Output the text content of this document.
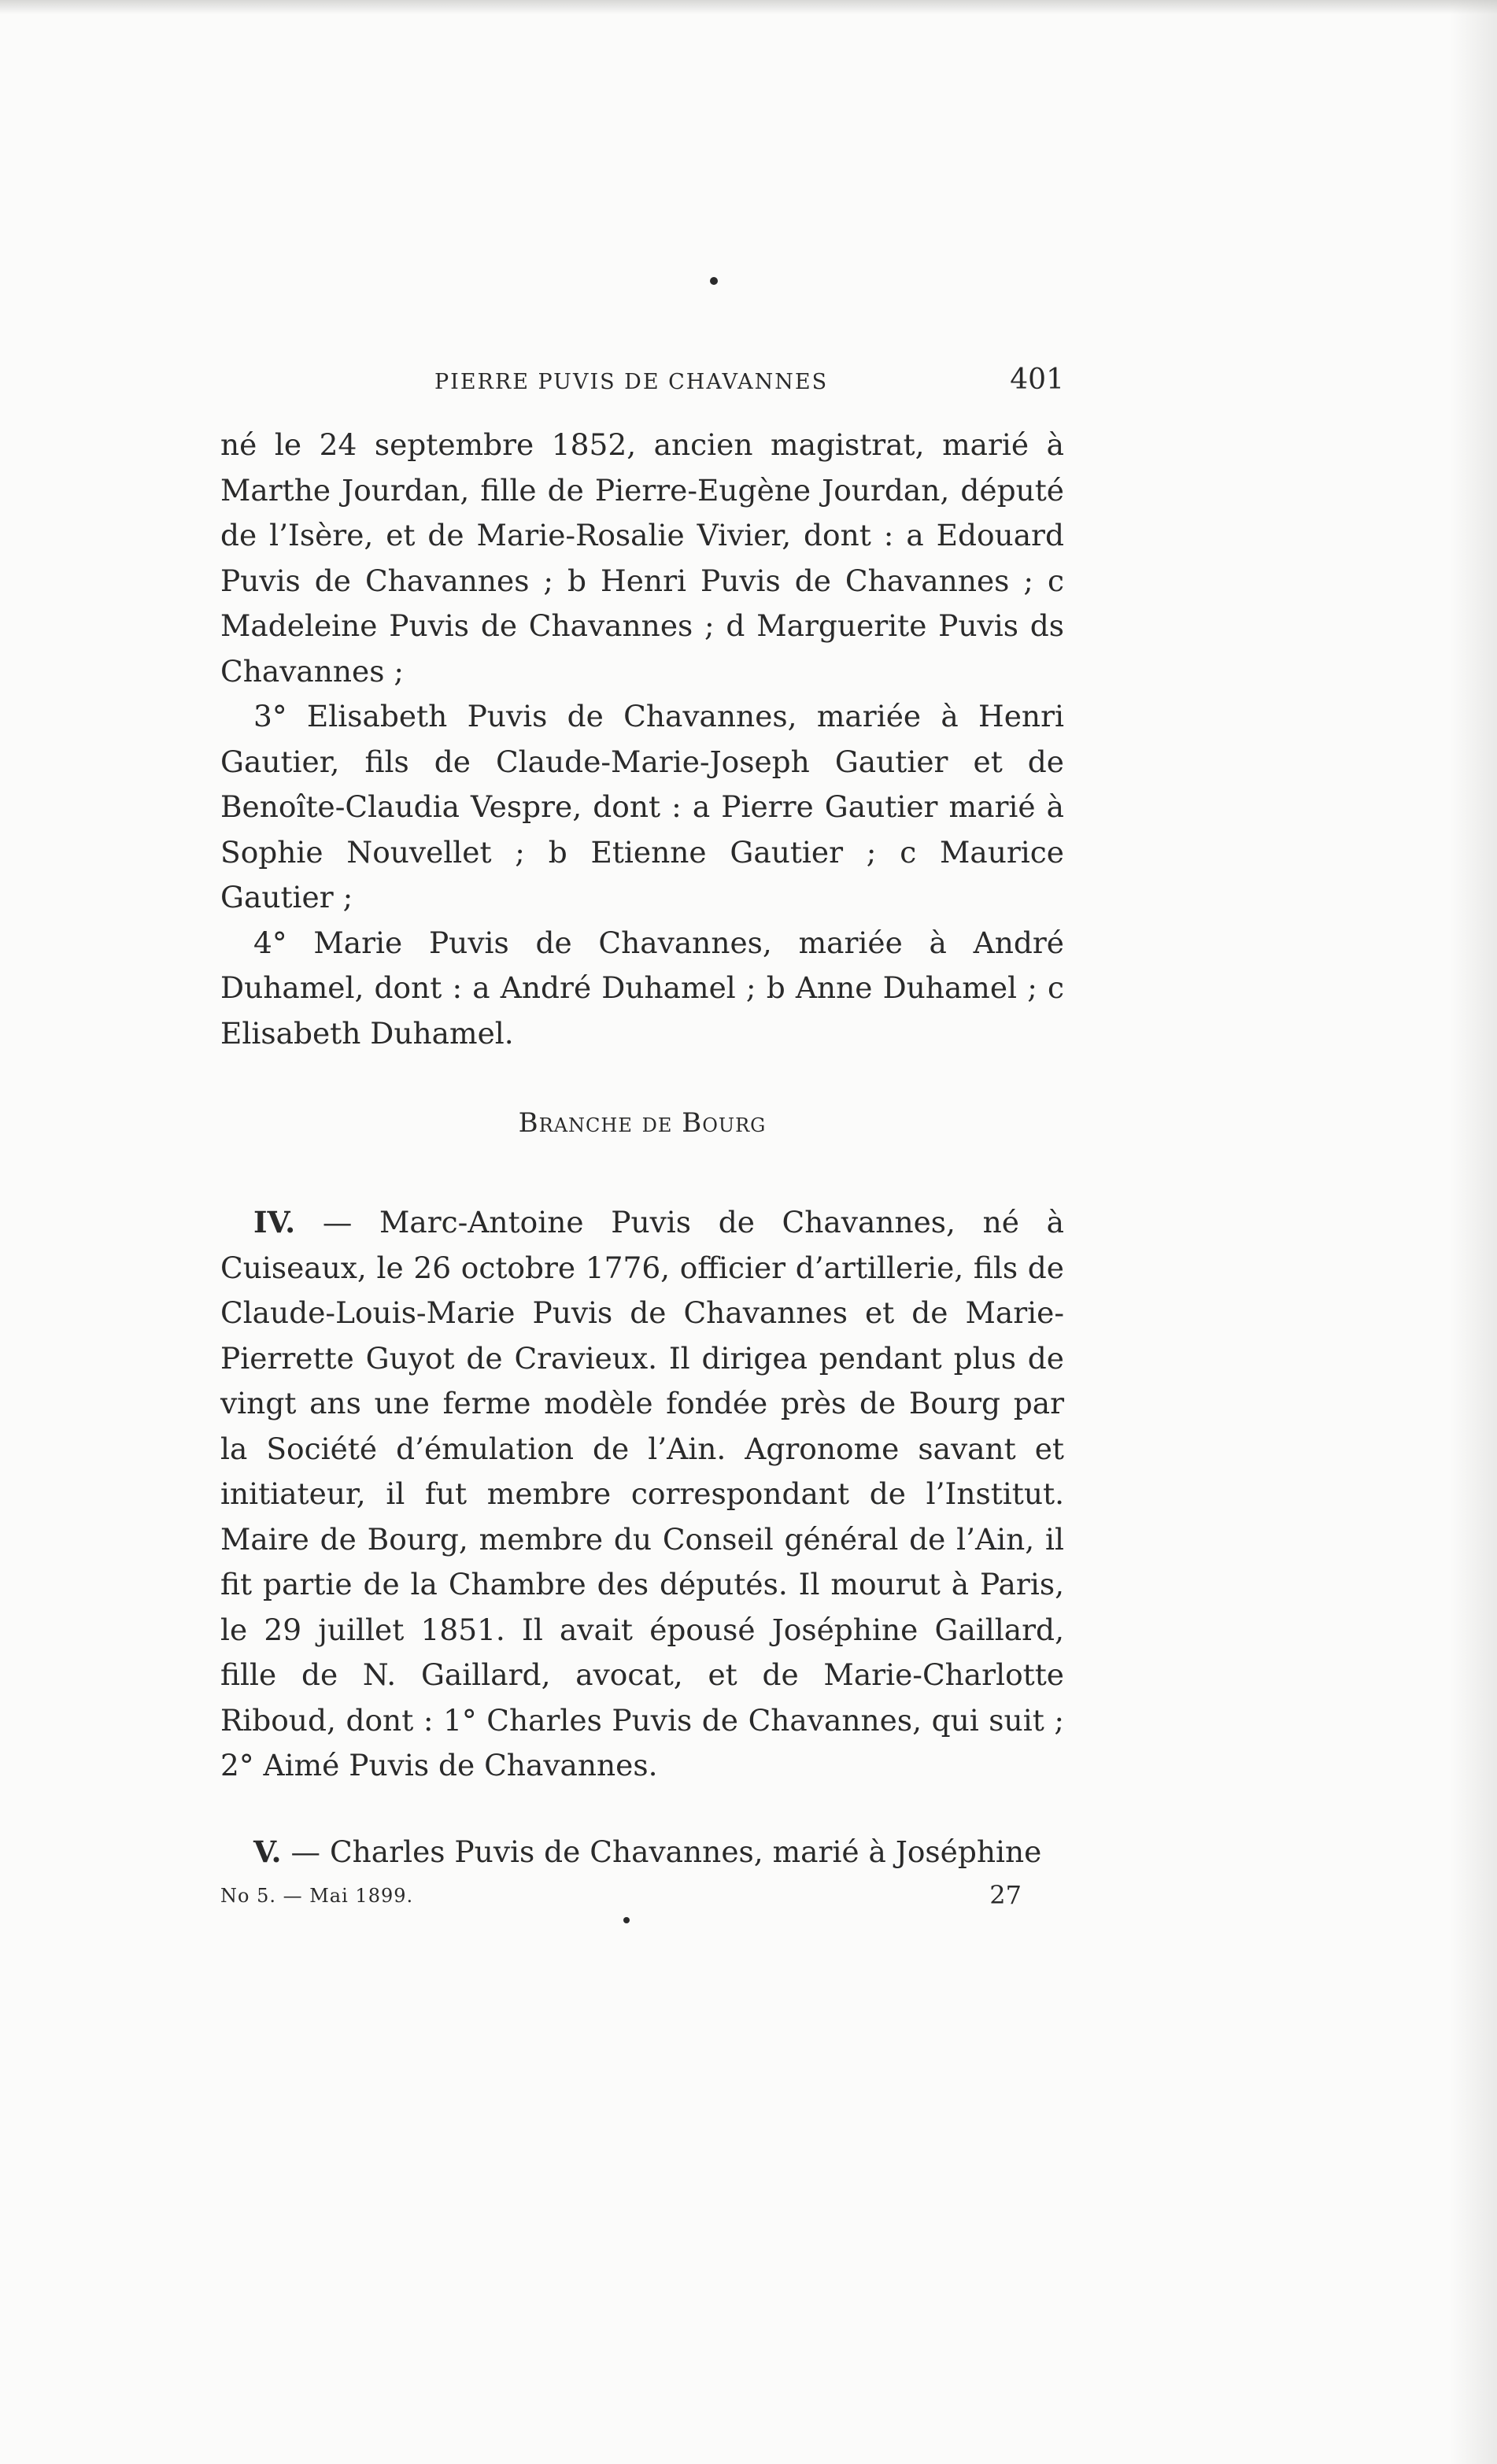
PIERRE PUVIS DE CHAVANNES	401

né le 24 septembre 1852, ancien magistrat, marié à Marthe Jourdan, fille de Pierre-Eugène Jourdan, député de l’Isère, et de Marie-Rosalie Vivier, dont : a Edouard Puvis de Chavannes ; b Henri Puvis de Chavannes ; c Madeleine Puvis de Chavannes ; d Marguerite Puvis ds Chavannes ;

3° Elisabeth Puvis de Chavannes, mariée à Henri Gautier, fils de Claude-Marie-Joseph Gautier et de Benoîte-Claudia Vespre, dont : a Pierre Gautier marié à Sophie Nouvellet ; b Etienne Gautier ; c Maurice Gautier ;

4° Marie Puvis de Chavannes, mariée à André Duhamel, dont : a André Duhamel ; b Anne Duhamel ; c Elisabeth Duhamel.

Branche de Bourg

IV. — Marc-Antoine Puvis de Chavannes, né à Cuiseaux, le 26 octobre 1776, officier d’artillerie, fils de Claude-Louis-Marie Puvis de Chavannes et de Marie-Pierrette Guyot de Cravieux. Il dirigea pendant plus de vingt ans une ferme modèle fondée près de Bourg par la Société d’émulation de l’Ain. Agronome savant et initiateur, il fut membre correspondant de l’Institut. Maire de Bourg, membre du Conseil général de l’Ain, il fit partie de la Chambre des députés. Il mourut à Paris, le 29 juillet 1851. Il avait épousé Joséphine Gaillard, fille de N. Gaillard, avocat, et de Marie-Charlotte Riboud, dont : 1° Charles Puvis de Chavannes, qui suit ; 2° Aimé Puvis de Chavannes.

V. — Charles Puvis de Chavannes, marié à Joséphine

No 5. — Mai 1899.	27
